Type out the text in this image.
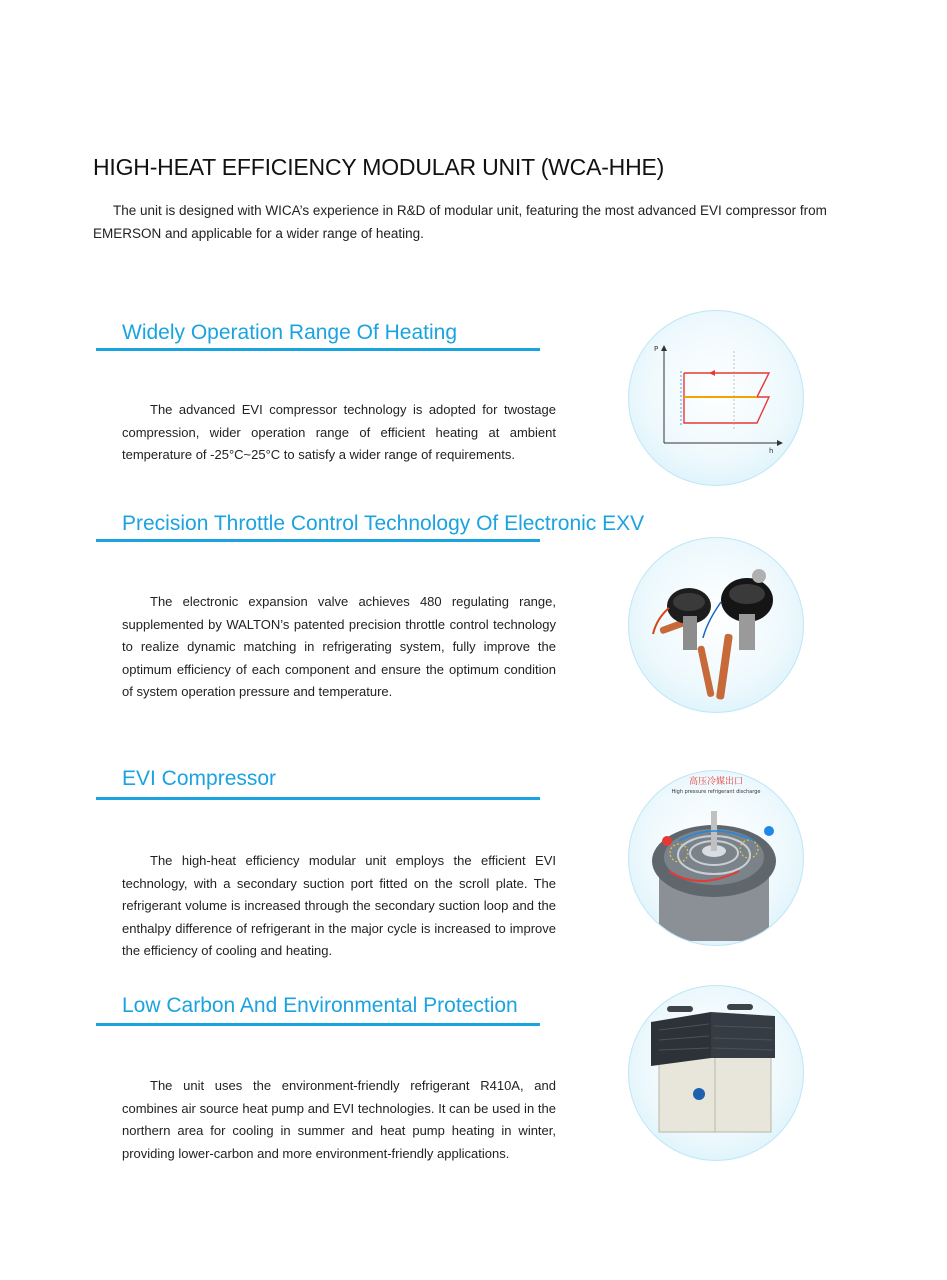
HIGH-HEAT EFFICIENCY MODULAR UNIT (WCA-HHE)

The unit is designed with WICA’s experience in R&D of modular unit, featuring the most advanced EVI compressor from EMERSON and applicable for a wider range of heating.

Widely Operation Range Of Heating

The advanced EVI compressor technology is adopted for twostage compression, wider operation range of efficient heating at ambient temperature of -25°C~25°C to satisfy a wider range of requirements.

P
h
Precision Throttle Control Technology Of Electronic EXV

The electronic expansion valve achieves 480 regulating range, supplemented by WALTON’s patented precision throttle control technology to realize dynamic matching in refrigerating system, fully improve the optimum efficiency of each component and ensure the optimum condition of system operation pressure and temperature.

EVI Compressor

The high-heat efficiency modular unit employs the efficient EVI technology, with a secondary suction port fitted on the scroll plate. The refrigerant volume is increased through the secondary suction loop and the enthalpy difference of refrigerant in the major cycle is increased to improve the efficiency of cooling and heating.

高压冷媒出口
High pressure refrigerant discharge
Low Carbon And Environmental Protection

The unit uses the environment-friendly refrigerant R410A, and combines air source heat pump and EVI technologies. It can be used in the northern area for cooling in summer and heat pump heating in winter, providing lower-carbon and more environment-friendly applications.
